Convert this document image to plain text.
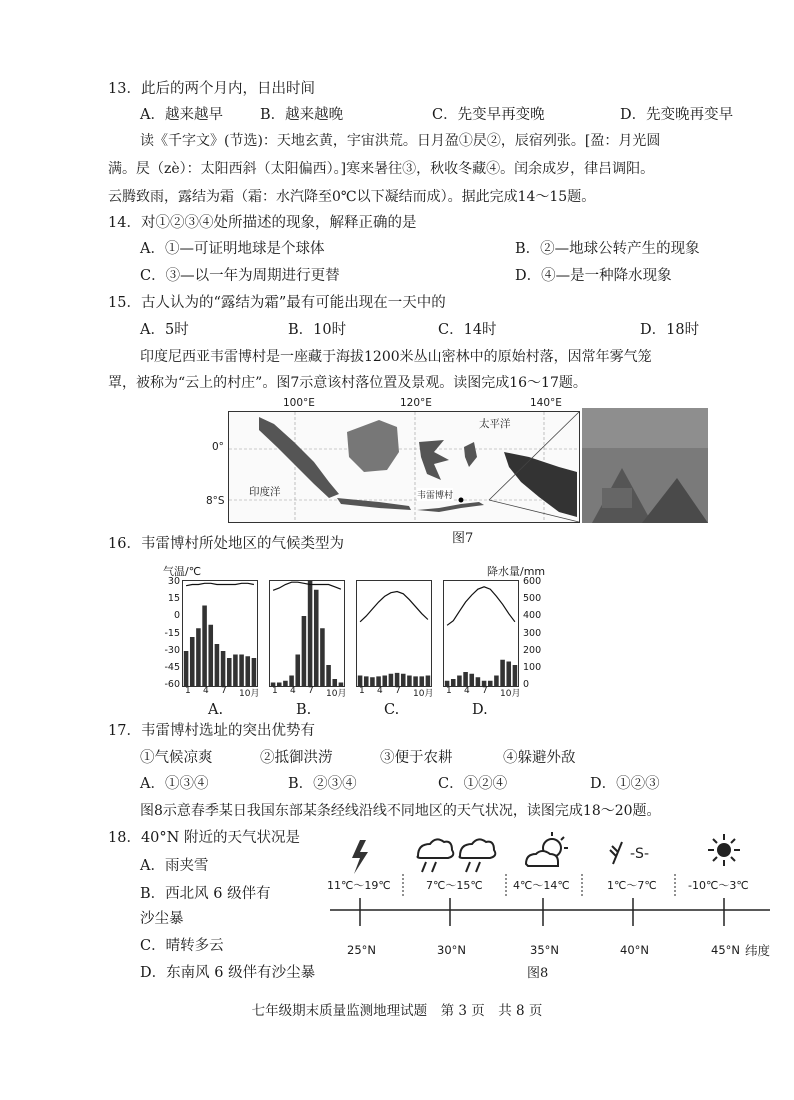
13．此后的两个月内，日出时间
A．越来越早	B．越来越晚	C．先变早再变晚	D．先变晚再变早
读《千字文》(节选)：天地玄黄，宇宙洪荒。日月盈①昃②，辰宿列张。[盈：月光圆
满。昃（zè）：太阳西斜（太阳偏西）。]寒来暑往③，秋收冬藏④。闰余成岁，律吕调阳。
云腾致雨，露结为霜（霜：水汽降至0℃以下凝结而成）。据此完成14～15题。
14．对①②③④处所描述的现象，解释正确的是
A．①—可证明地球是个球体	B．②—地球公转产生的现象
C．③—以一年为周期进行更替	D．④—是一种降水现象
15．古人认为的“露结为霜”最有可能出现在一天中的
A．5时	B．10时	C．14时	D．18时
印度尼西亚韦雷博村是一座藏于海拔1200米丛山密林中的原始村落，因常年雾气笼
罩，被称为“云上的村庄”。图7示意该村落位置及景观。读图完成16～17题。
100°E	120°E	140°E
0°
8°S
太平洋
印度洋	韦雷博村
图7
16．韦雷博村所处地区的气候类型为
气温/℃	降水量/mm
30
15
0
-15
-30
-45
-60
600
500
400
300
200
100
0
1 4 7 10月 1 4 7 10月 1 4 7 10月 1 4 7 10月
A.	B.	C.	D.
17．韦雷博村选址的突出优势有
①气候凉爽	②抵御洪涝	③便于农耕	④躲避外敌
A．①③④	B．②③④	C．①②④	D．①②③
图8示意春季某日我国东部某条经线沿线不同地区的天气状况，读图完成18～20题。
18．40°N 附近的天气状况是
A．雨夹雪
B．西北风 6 级伴有
沙尘暴
C．晴转多云
D．东南风 6 级伴有沙尘暴
-S-
11℃～19℃	7℃～15℃	4℃～14℃	1℃～7℃	-10℃～3℃
25°N	30°N	35°N	40°N	45°N 纬度
图8
七年级期末质量监测地理试题　第 3 页　共 8 页
